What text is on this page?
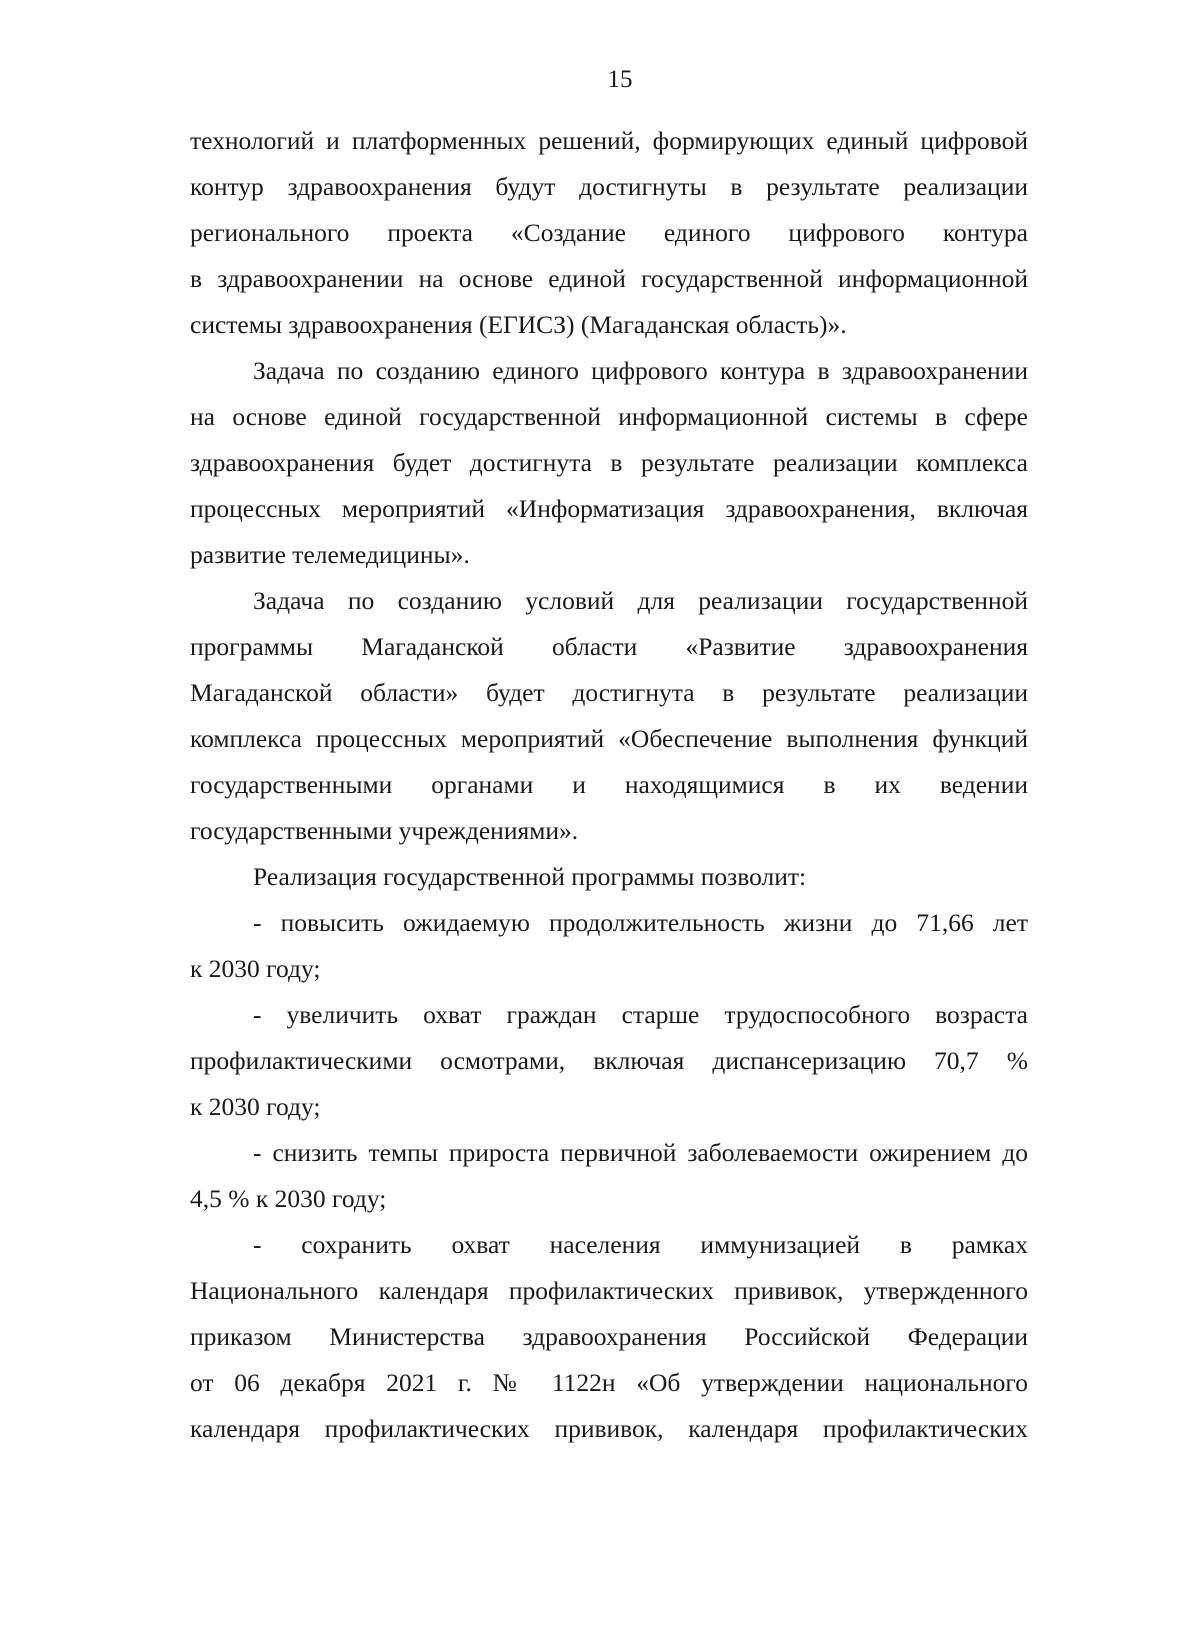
15
технологий и платформенных решений, формирующих единый цифровой
контур здравоохранения будут достигнуты в результате реализации
регионального проекта «Создание единого цифрового контура
в здравоохранении на основе единой государственной информационной
системы здравоохранения (ЕГИСЗ) (Магаданская область)».
Задача по созданию единого цифрового контура в здравоохранении
на основе единой государственной информационной системы в сфере
здравоохранения будет достигнута в результате реализации комплекса
процессных мероприятий «Информатизация здравоохранения, включая
развитие телемедицины».
Задача по созданию условий для реализации государственной
программы Магаданской области «Развитие здравоохранения
Магаданской области» будет достигнута в результате реализации
комплекса процессных мероприятий «Обеспечение выполнения функций
государственными органами и находящимися в их ведении
государственными учреждениями».
Реализация государственной программы позволит:
- повысить ожидаемую продолжительность жизни до 71,66 лет
к 2030 году;
- увеличить охват граждан старше трудоспособного возраста
профилактическими осмотрами, включая диспансеризацию 70,7 %
к 2030 году;
- снизить темпы прироста первичной заболеваемости ожирением до
4,5 % к 2030 году;
- сохранить охват населения иммунизацией в рамках
Национального календаря профилактических прививок, утвержденного
приказом Министерства здравоохранения Российской Федерации
от 06 декабря 2021 г. № 1122н «Об утверждении национального
календаря профилактических прививок, календаря профилактических
